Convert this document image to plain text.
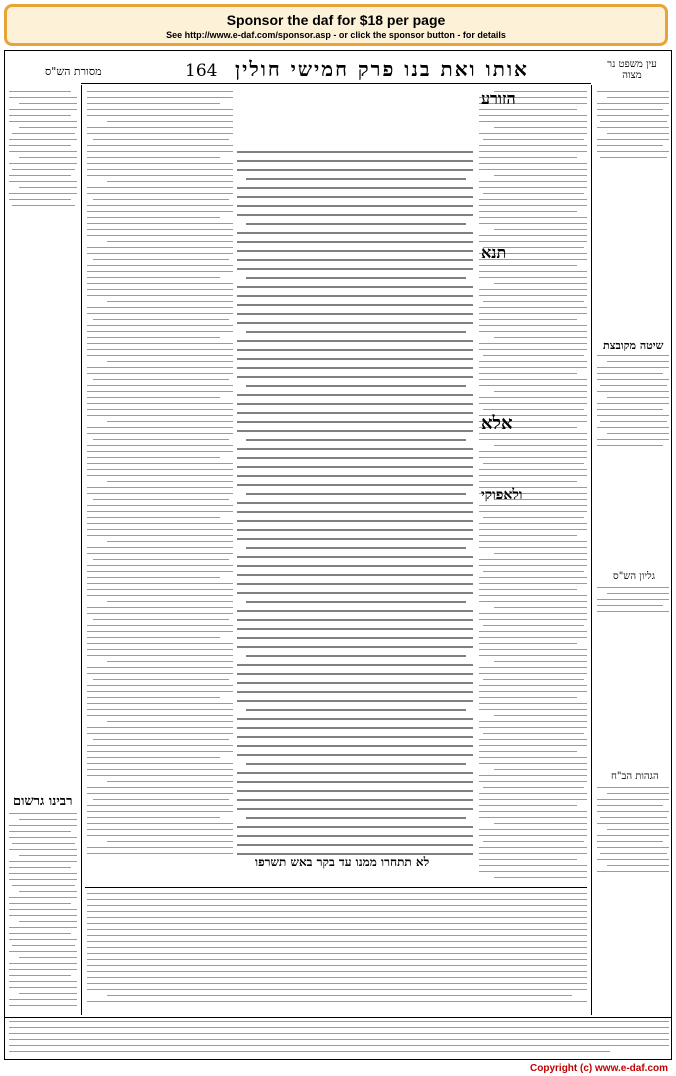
Sponsor the daf for $18 per page
See http://www.e-daf.com/sponsor.asp - or click the sponsor button - for details
מסורת הש"ס	164 אותו ואת בנו פרק חמישי חולין	עין משפט נר מצוה
רבינו גרשום
לא תתחרו ממנו עד בקר באש תשרפו
הזורע
תנא
אלא
ולאפוקי
שיטה מקובצת
גליון הש"ס
הגהות הב"ח
Copyright (c) www.e-daf.com
